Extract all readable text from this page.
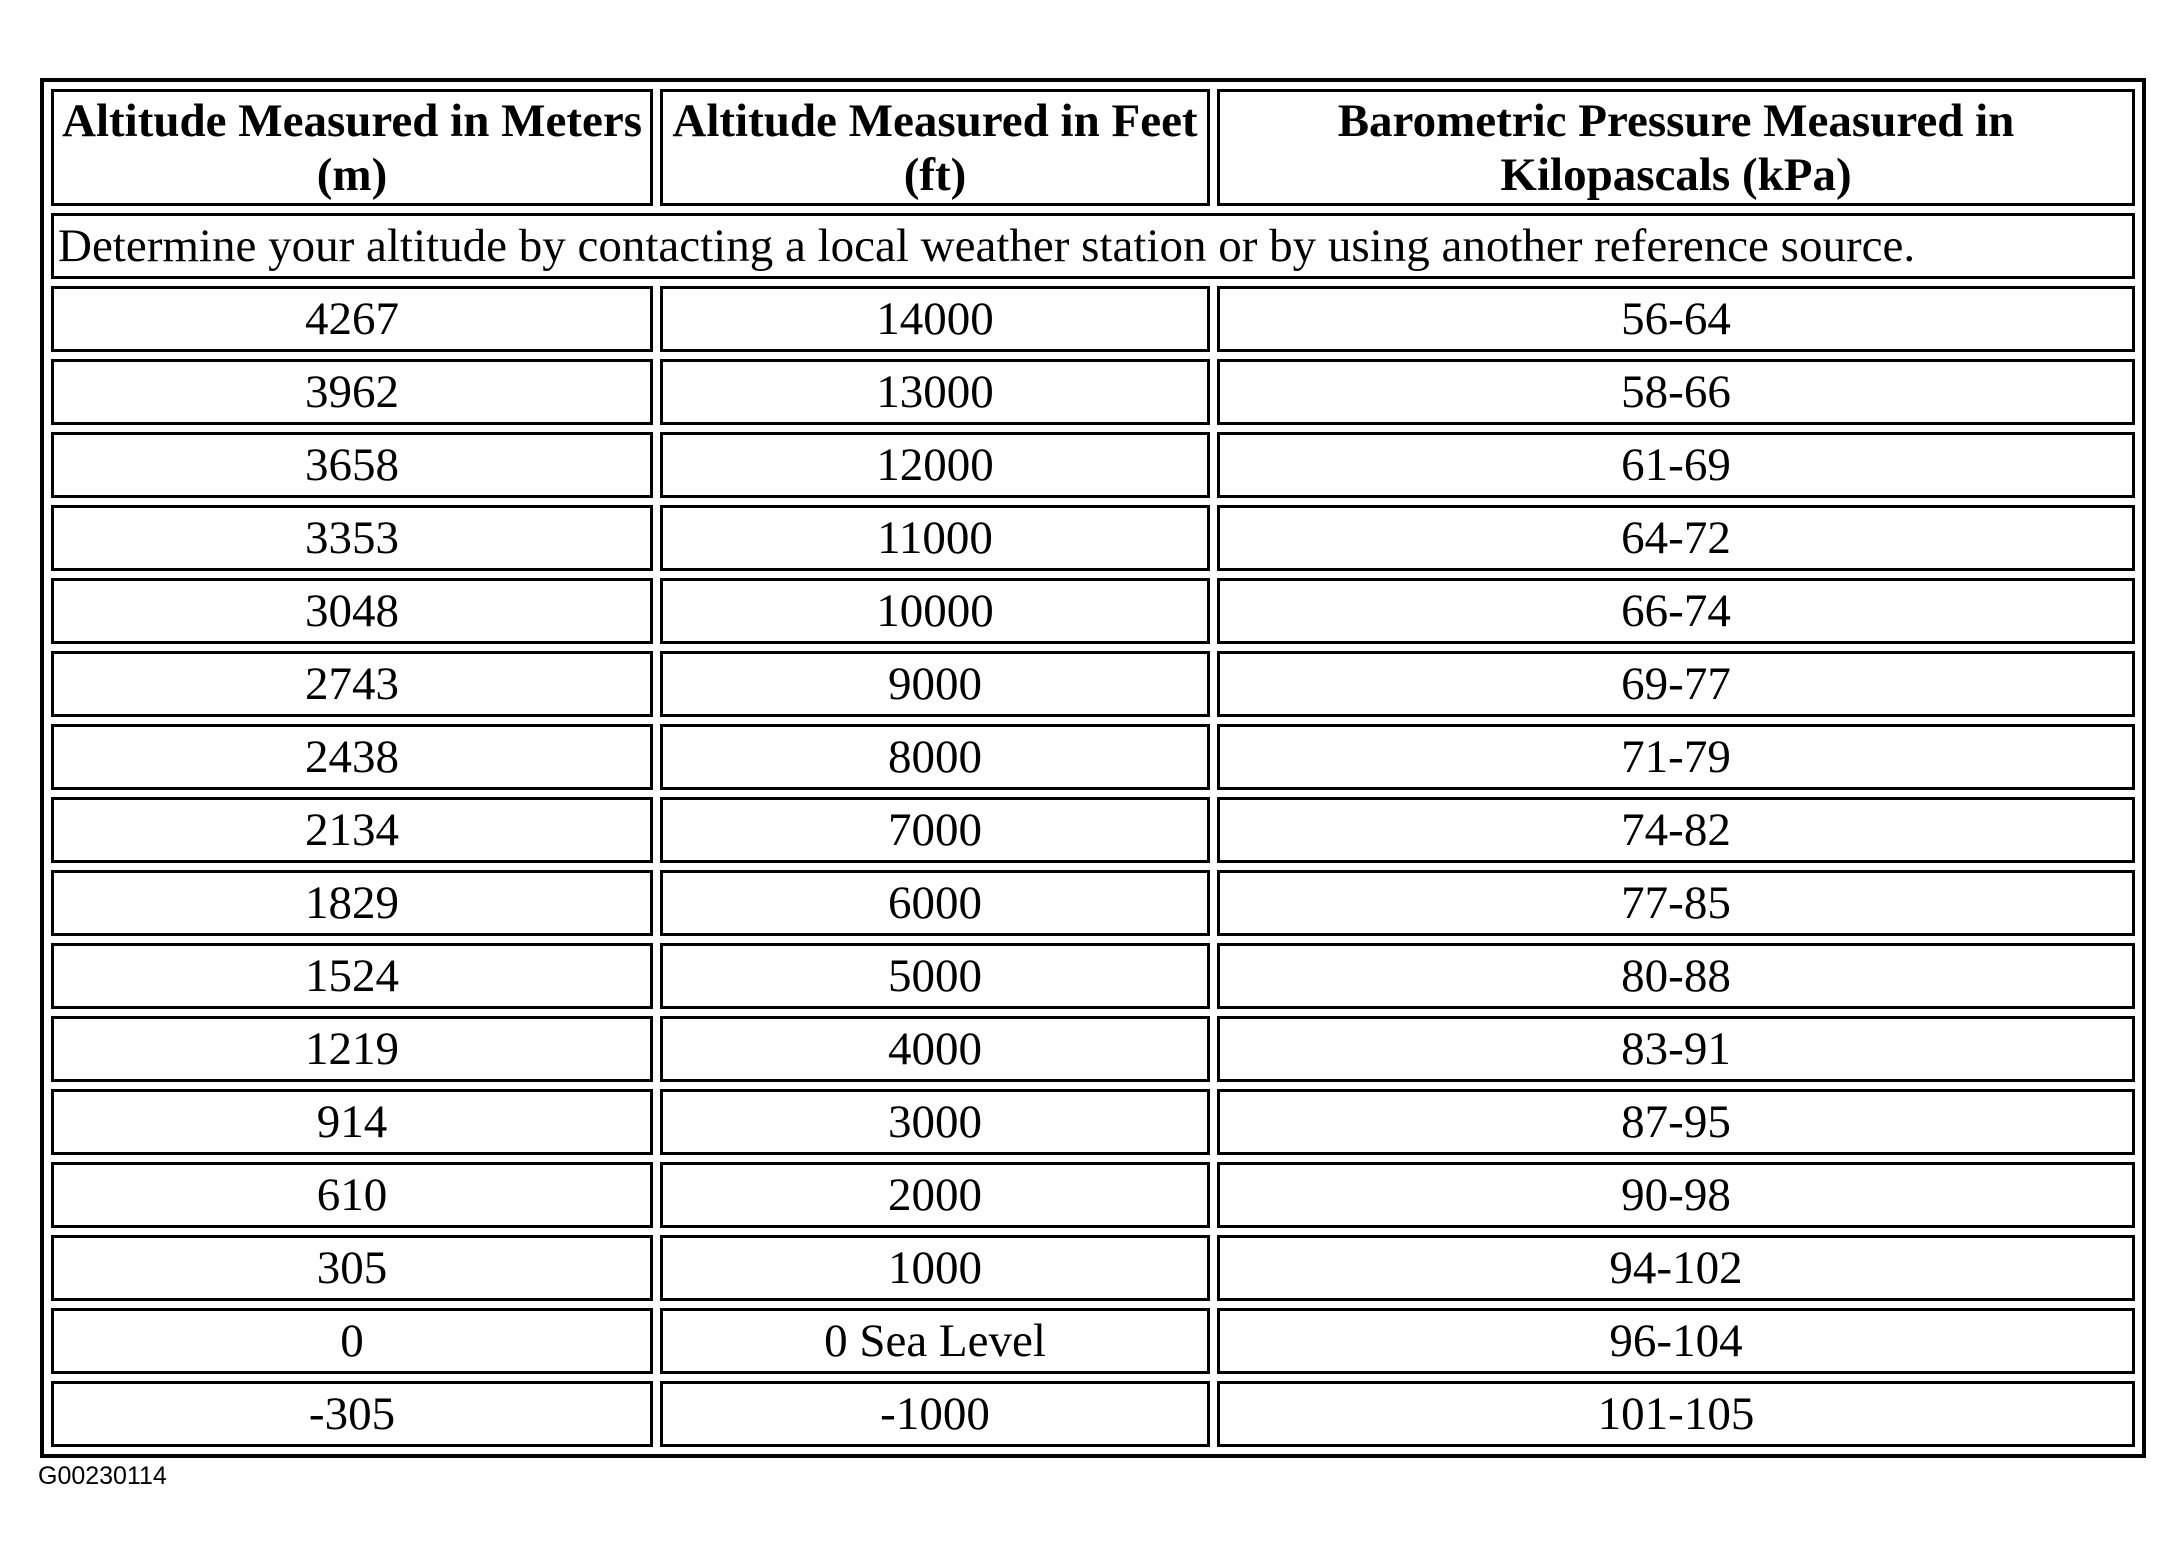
Altitude Measured in Meters (m)	Altitude Measured in Feet (ft)	Barometric Pressure Measured in Kilopascals (kPa)
Determine your altitude by contacting a local weather station or by using another reference source.		
4267	14000	56-64
3962	13000	58-66
3658	12000	61-69
3353	11000	64-72
3048	10000	66-74
2743	9000	69-77
2438	8000	71-79
2134	7000	74-82
1829	6000	77-85
1524	5000	80-88
1219	4000	83-91
914	3000	87-95
610	2000	90-98
305	1000	94-102
0	0 Sea Level	96-104
-305	-1000	101-105
G00230114
